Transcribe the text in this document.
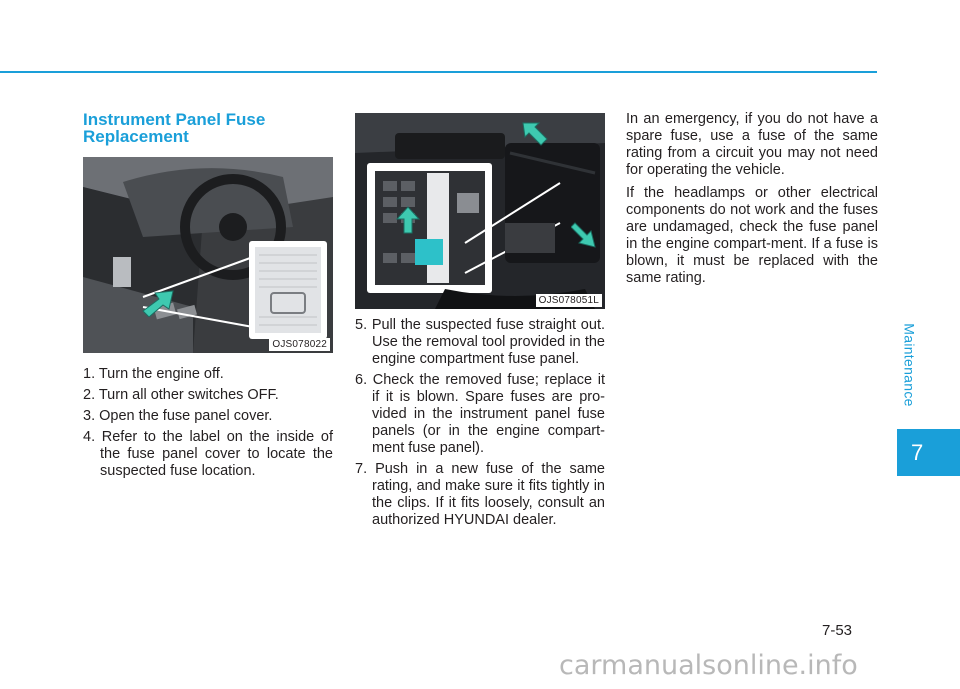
Instrument Panel Fuse Replacement
OJS078022
OJS078051L
1. Turn the engine off.
2. Turn all other switches OFF.
3. Open the fuse panel cover.
4. Refer to the label on the inside of the fuse panel cover to locate the suspected fuse location.
5. Pull the suspected fuse straight out. Use the removal tool provided in the engine compartment fuse panel.
6. Check the removed fuse; replace it if it is blown. Spare fuses are pro-vided in the instrument panel fuse panels (or in the engine compart-ment fuse panel).
7. Push in a new fuse of the same rating, and make sure it fits tightly in the clips. If it fits loosely, consult an authorized HYUNDAI dealer.

In an emergency, if you do not have a spare fuse, use a fuse of the same rating from a circuit you may not need for operating the vehicle.

If the headlamps or other electrical components do not work and the fuses are undamaged, check the fuse panel in the engine compart-ment. If a fuse is blown, it must be replaced with the same rating.

Maintenance
7
7-53
carmanualsonline.info
